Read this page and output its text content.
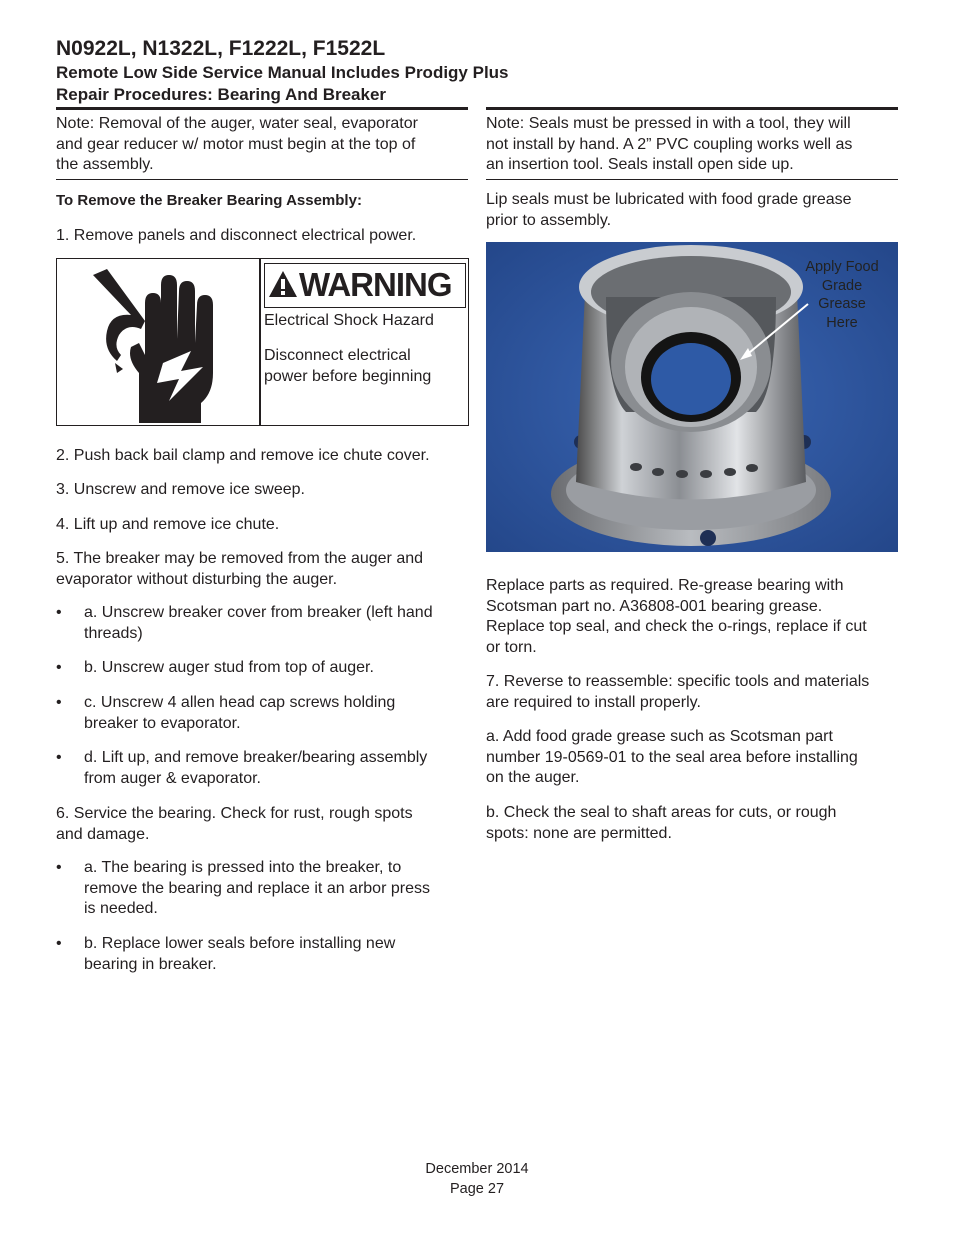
N0922L, N1322L, F1222L, F1522L

Remote Low Side Service Manual Includes Prodigy Plus

Repair Procedures: Bearing And Breaker

Note: Removal of the auger, water seal, evaporator

and gear reducer w/ motor must begin at the top of

the assembly.

To Remove the Breaker Bearing Assembly:

1. Remove panels and disconnect electrical power.

WARNING
Electrical Shock Hazard
Disconnect electrical
power before beginning

2. Push back bail clamp and remove ice chute cover.

3. Unscrew and remove ice sweep.

4. Lift up and remove ice chute.

5. The breaker may be removed from the auger and

evaporator without disturbing the auger.

• a. Unscrew breaker cover from breaker (left hand
threads)
• b. Unscrew auger stud from top of auger.
• c. Unscrew 4 allen head cap screws holding
breaker to evaporator.
• d. Lift up, and remove breaker/bearing assembly
from auger & evaporator.

6. Service the bearing. Check for rust, rough spots

and damage.

• a. The bearing is pressed into the breaker, to
remove the bearing and replace it an arbor press
is needed.
• b. Replace lower seals before installing new
bearing in breaker.

Note: Seals must be pressed in with a tool, they will

not install by hand. A 2” PVC coupling works well as

an insertion tool. Seals install open side up.

Lip seals must be lubricated with food grade grease

prior to assembly.

Apply Food
Grade
Grease
Here

Replace parts as required. Re-grease bearing with

Scotsman part no. A36808-001 bearing grease.

Replace top seal, and check the o-rings, replace if cut

or torn.

7. Reverse to reassemble: specific tools and materials

are required to install properly.

a. Add food grade grease such as Scotsman part

number 19-0569-01 to the seal area before installing

on the auger.

b. Check the seal to shaft areas for cuts, or rough

spots: none are permitted.

December 2014
Page 27
